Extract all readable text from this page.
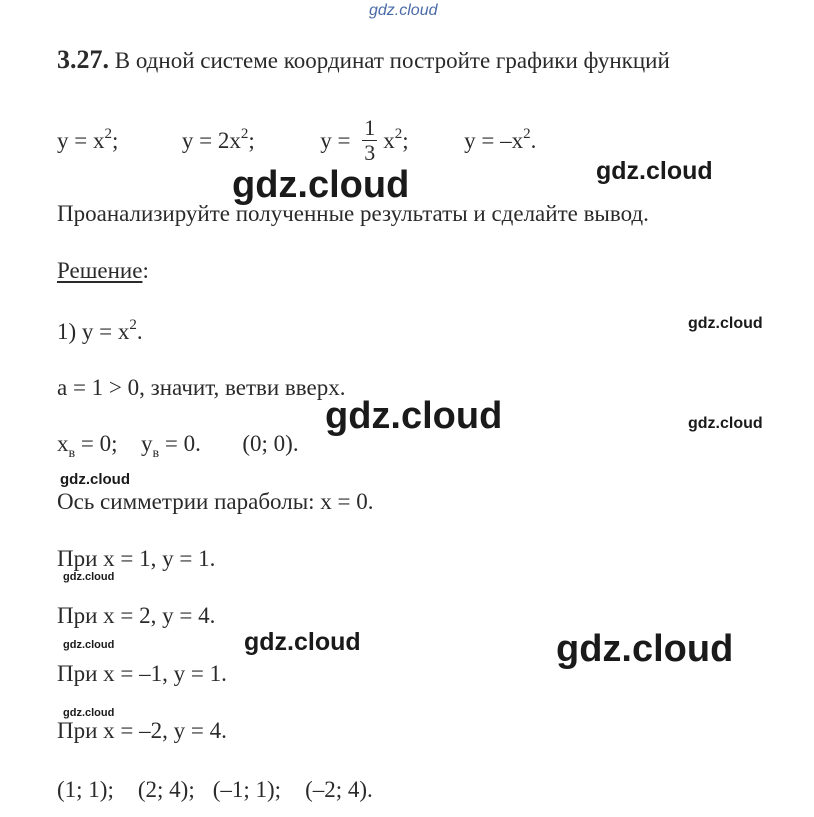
gdz.cloud
3.27. В одной системе координат постройте графики функций
$y = x^2$;	$y = 2x^2$;	$y = \frac{1}{3} x^2$; $y = -x^2$.
Проанализируйте полученные результаты и сделайте вывод.
Решение:
1) $y = x^2$.
a = 1 > 0, значит, ветви вверх.
$x_в = 0$; $y_в = 0$. (0; 0).
Ось симметрии параболы: x = 0.
При x = 1, y = 1.
При x = 2, y = 4.
При x = –1, y = 1.
При x = –2, y = 4.
(1; 1); (2; 4); (–1; 1); (–2; 4).
gdz.cloud	gdz.cloud
gdz.cloud
gdz.cloud	gdz.cloud
gdz.cloud
gdz.cloud
gdz.cloud	gdz.cloud	gdz.cloud
gdz.cloud
